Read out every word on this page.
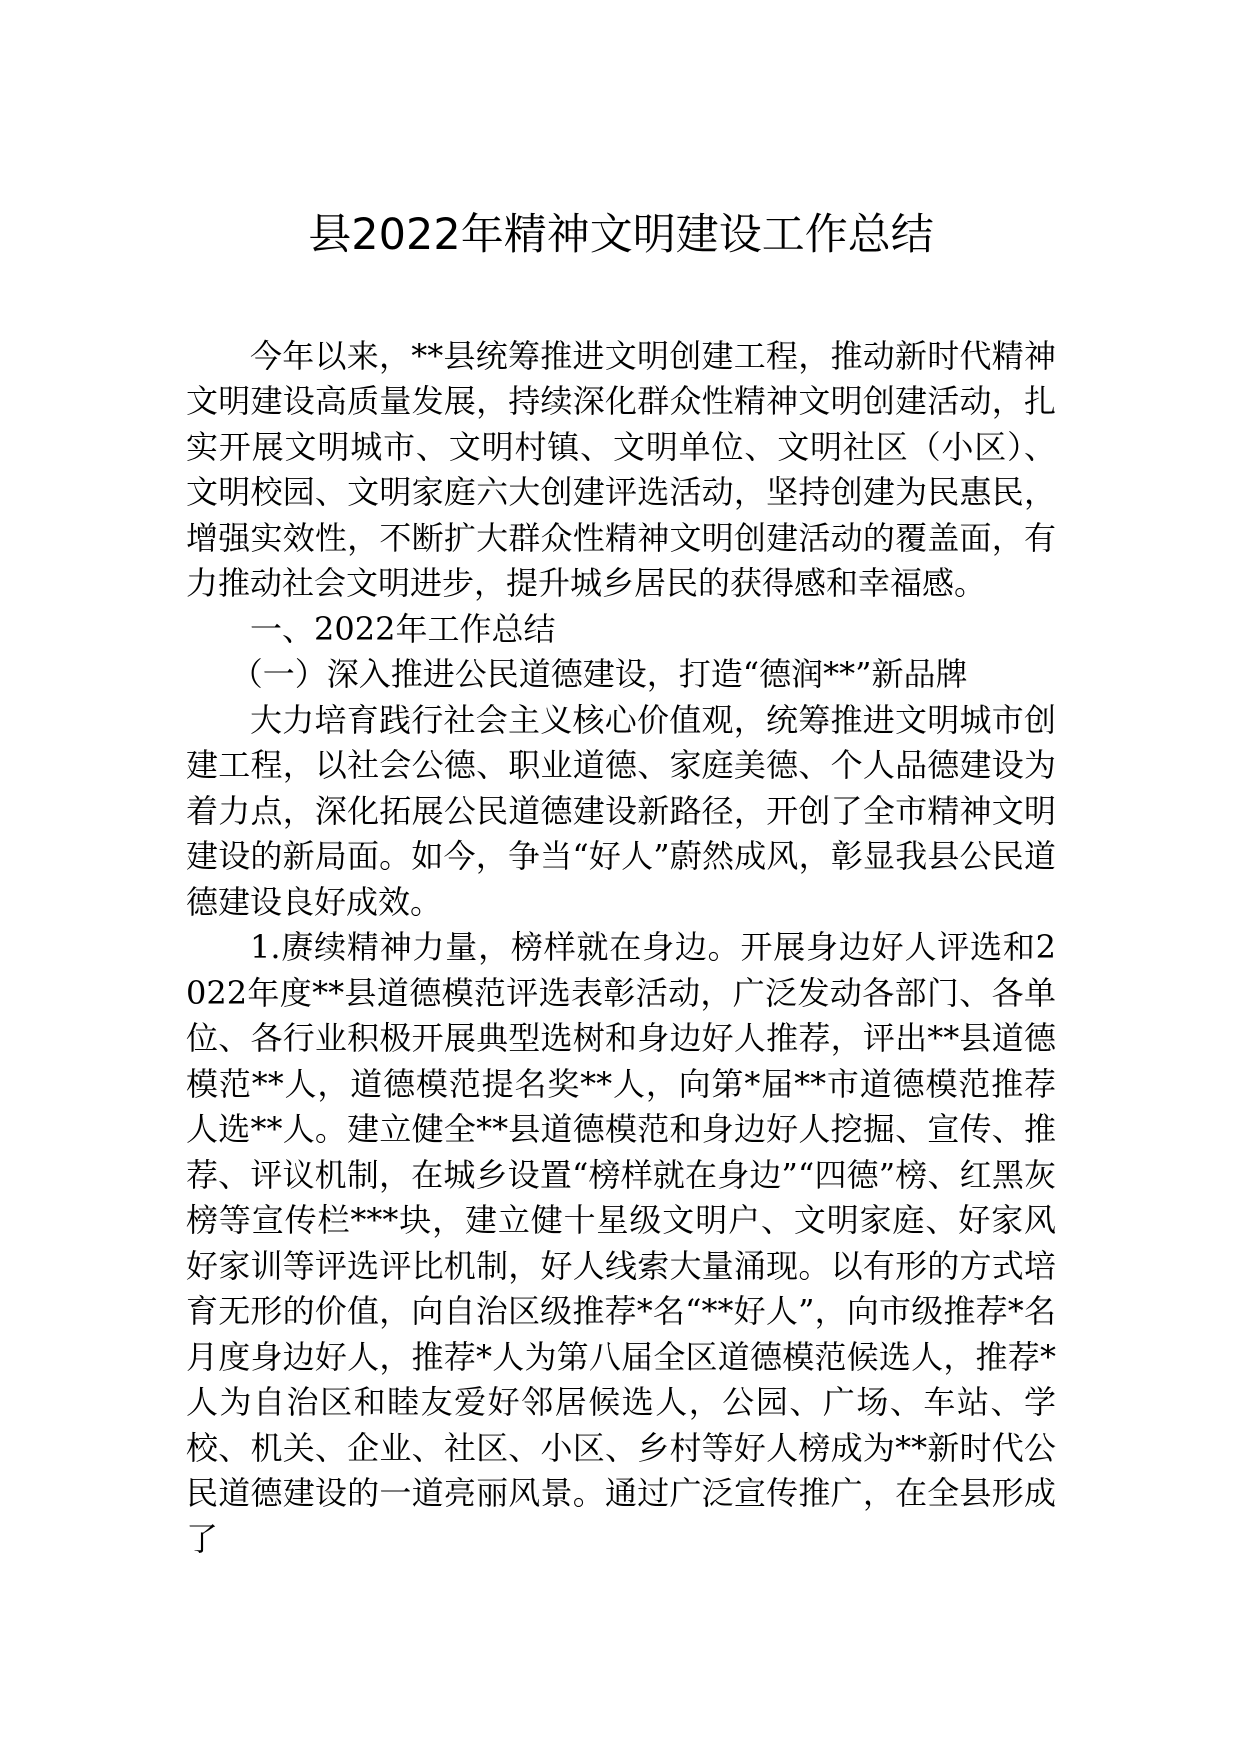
县2022年精神文明建设工作总结

今年以来，**县统筹推进文明创建工程，推动新时代精神文明建设高质量发展，持续深化群众性精神文明创建活动，扎实开展文明城市、文明村镇、文明单位、文明社区（小区）、文明校园、文明家庭六大创建评选活动，坚持创建为民惠民，增强实效性，不断扩大群众性精神文明创建活动的覆盖面，有力推动社会文明进步，提升城乡居民的获得感和幸福感。

一、2022年工作总结

（一）深入推进公民道德建设，打造“德润**”新品牌

大力培育践行社会主义核心价值观，统筹推进文明城市创建工程，以社会公德、职业道德、家庭美德、个人品德建设为着力点，深化拓展公民道德建设新路径，开创了全市精神文明建设的新局面。如今，争当“好人”蔚然成风，彰显我县公民道德建设良好成效。

1.赓续精神力量，榜样就在身边。开展身边好人评选和2022年度**县道德模范评选表彰活动，广泛发动各部门、各单位、各行业积极开展典型选树和身边好人推荐，评出**县道德模范**人，道德模范提名奖**人，向第*届**市道德模范推荐人选**人。建立健全**县道德模范和身边好人挖掘、宣传、推荐、评议机制，在城乡设置“榜样就在身边”“四德”榜、红黑灰榜等宣传栏***块，建立健十星级文明户、文明家庭、好家风好家训等评选评比机制，好人线索大量涌现。以有形的方式培育无形的价值，向自治区级推荐*名“**好人”，向市级推荐*名月度身边好人，推荐*人为第八届全区道德模范候选人，推荐*人为自治区和睦友爱好邻居候选人，公园、广场、车站、学校、机关、企业、社区、小区、乡村等好人榜成为**新时代公民道德建设的一道亮丽风景。通过广泛宣传推广，在全县形成了
